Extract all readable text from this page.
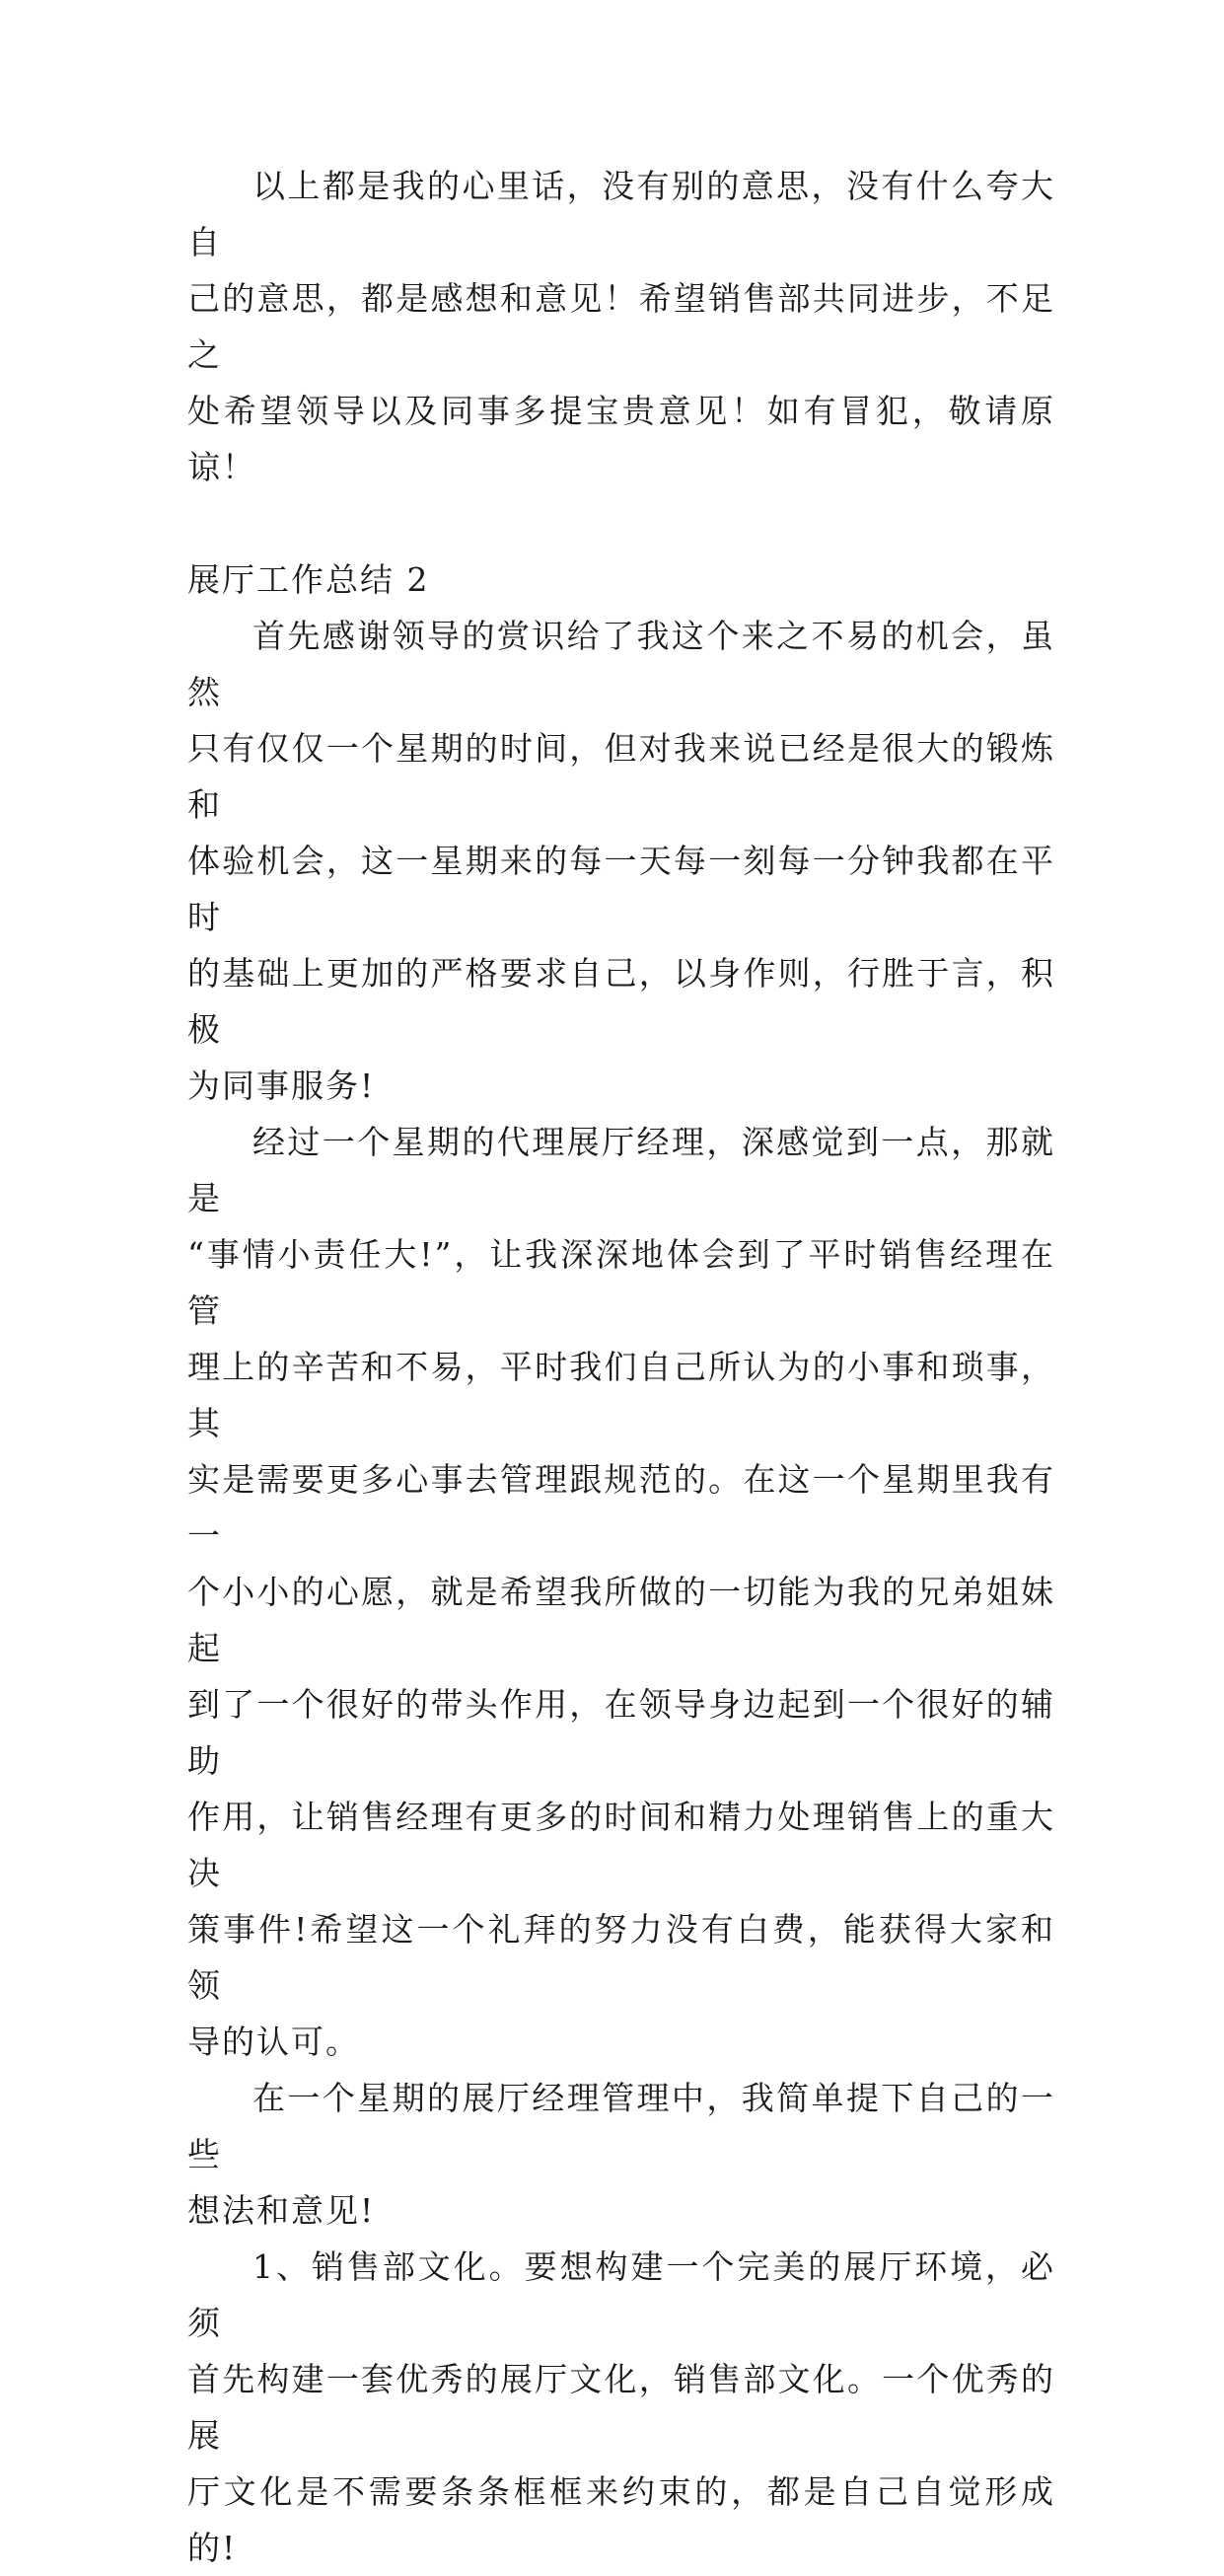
以上都是我的心里话，没有别的意思，没有什么夸大自
己的意思，都是感想和意见！希望销售部共同进步，不足之
处希望领导以及同事多提宝贵意见！如有冒犯，敬请原谅！

展厅工作总结 2

首先感谢领导的赏识给了我这个来之不易的机会，虽然
只有仅仅一个星期的时间，但对我来说已经是很大的锻炼和
体验机会，这一星期来的每一天每一刻每一分钟我都在平时
的基础上更加的严格要求自己，以身作则，行胜于言，积极
为同事服务!

经过一个星期的代理展厅经理，深感觉到一点，那就是
“事情小责任大!”，让我深深地体会到了平时销售经理在管
理上的辛苦和不易，平时我们自己所认为的小事和琐事，其
实是需要更多心事去管理跟规范的。在这一个星期里我有一
个小小的心愿，就是希望我所做的一切能为我的兄弟姐妹起
到了一个很好的带头作用，在领导身边起到一个很好的辅助
作用，让销售经理有更多的时间和精力处理销售上的重大决
策事件!希望这一个礼拜的努力没有白费，能获得大家和领
导的认可。

在一个星期的展厅经理管理中，我简单提下自己的一些
想法和意见!

1、销售部文化。要想构建一个完美的展厅环境，必须
首先构建一套优秀的展厅文化，销售部文化。一个优秀的展
厅文化是不需要条条框框来约束的，都是自己自觉形成的!
